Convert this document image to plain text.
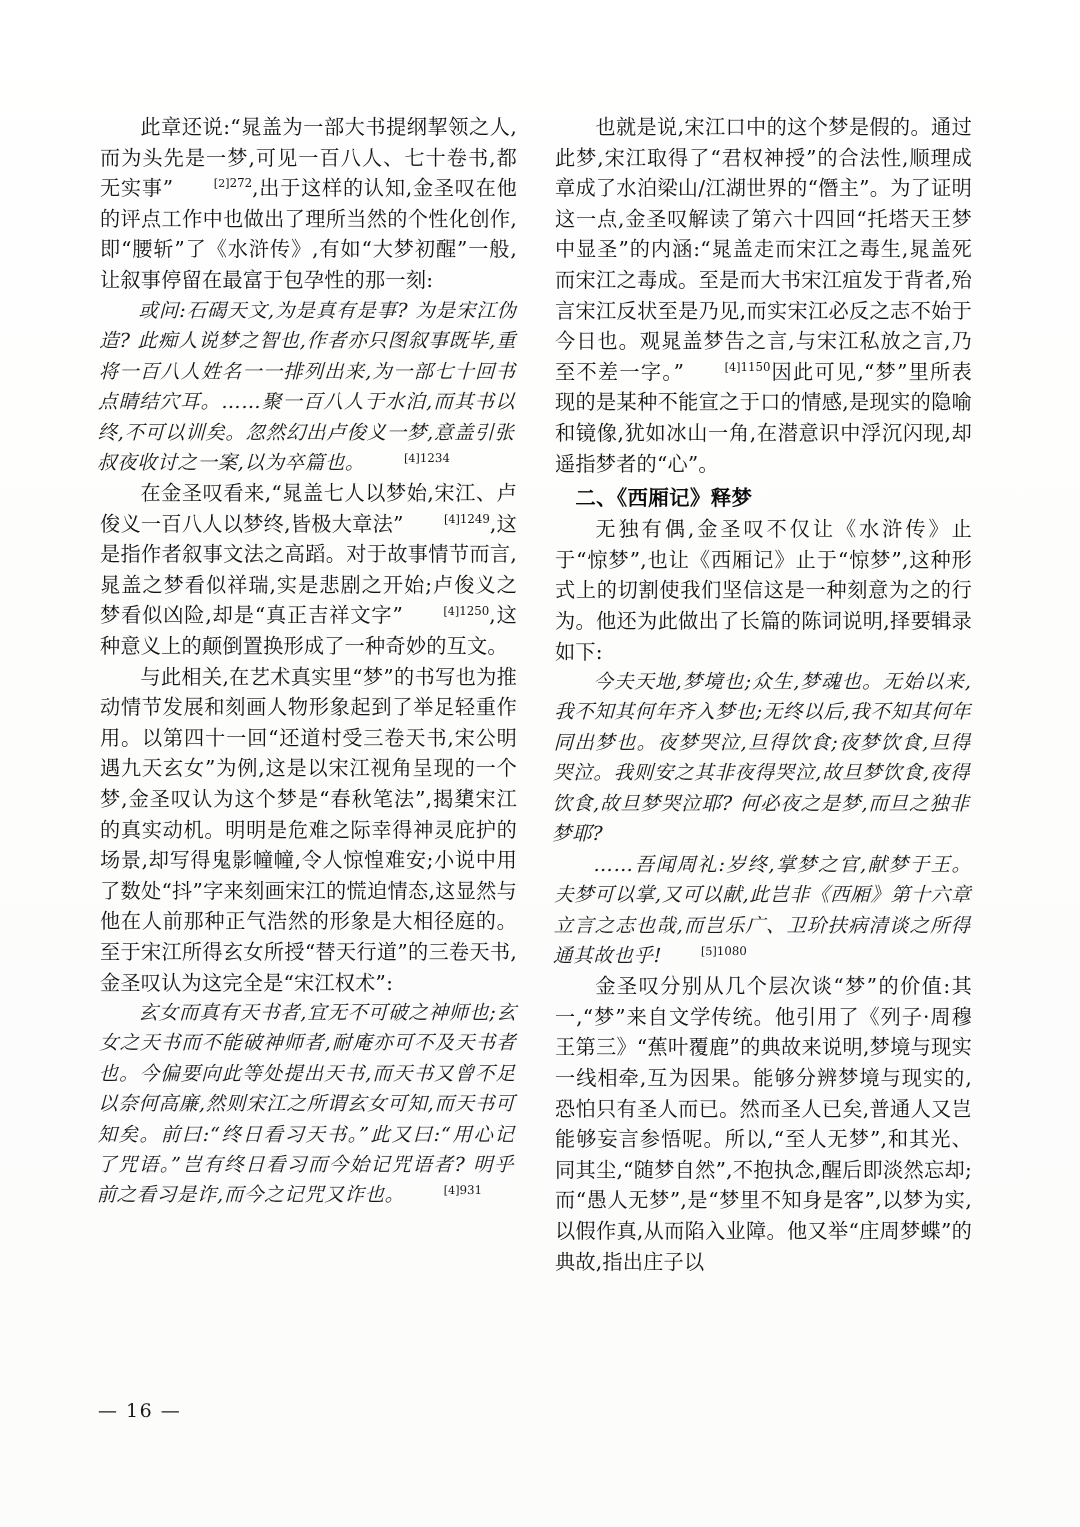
此章还说:“晁盖为一部大书提纲挈领之人,而为头先是一梦,可见一百八人、七十卷书,都无实事”	$^{[2]272}$,出于这样的认知,金圣叹在他的评点工作中也做出了理所当然的个性化创作,即“腰斩”了《水浒传》,有如“大梦初醒”一般,让叙事停留在最富于包孕性的那一刻:

或问:石碣天文,为是真有是事? 为是宋江伪造? 此痴人说梦之智也,作者亦只图叙事既毕,重将一百八人姓名一一排列出来,为一部七十回书点睛结穴耳。……聚一百八人于水泊,而其书以终,不可以训矣。忽然幻出卢俊义一梦,意盖引张叔夜收讨之一案,以为卒篇也。	$^{[4]1234}$

在金圣叹看来,“晁盖七人以梦始,宋江、卢俊义一百八人以梦终,皆极大章法”	$^{[4]1249}$,这是指作者叙事文法之高蹈。对于故事情节而言,晁盖之梦看似祥瑞,实是悲剧之开始;卢俊义之梦看似凶险,却是“真正吉祥文字”	$^{[4]1250}$,这种意义上的颠倒置换形成了一种奇妙的互文。

与此相关,在艺术真实里“梦”的书写也为推动情节发展和刻画人物形象起到了举足轻重作用。以第四十一回“还道村受三卷天书,宋公明遇九天玄女”为例,这是以宋江视角呈现的一个梦,金圣叹认为这个梦是“春秋笔法”,揭橥宋江的真实动机。明明是危难之际幸得神灵庇护的场景,却写得鬼影幢幢,令人惊惶难安;小说中用了数处“抖”字来刻画宋江的慌迫情态,这显然与他在人前那种正气浩然的形象是大相径庭的。至于宋江所得玄女所授“替天行道”的三卷天书,金圣叹认为这完全是“宋江权术”:

玄女而真有天书者,宜无不可破之神师也;玄女之天书而不能破神师者,耐庵亦可不及天书者也。今偏要向此等处提出天书,而天书又曾不足以奈何高廉,然则宋江之所谓玄女可知,而天书可知矣。前曰:“终日看习天书。”此又曰:“用心记了咒语。”岂有终日看习而今始记咒语者? 明乎前之看习是诈,而今之记咒又诈也。	$^{[4]931}$

也就是说,宋江口中的这个梦是假的。通过此梦,宋江取得了“君权神授”的合法性,顺理成章成了水泊梁山/江湖世界的“僭主”。为了证明这一点,金圣叹解读了第六十四回“托塔天王梦中显圣”的内涵:“晁盖走而宋江之毒生,晁盖死而宋江之毒成。至是而大书宋江疽发于背者,殆言宋江反状至是乃见,而实宋江必反之志不始于今日也。观晁盖梦告之言,与宋江私放之言,乃至不差一字。”	$^{[4]1150}$因此可见,“梦”里所表现的是某种不能宣之于口的情感,是现实的隐喻和镜像,犹如冰山一角,在潜意识中浮沉闪现,却遥指梦者的“心”。

二、《西厢记》释梦

无独有偶,金圣叹不仅让《水浒传》止于“惊梦”,也让《西厢记》止于“惊梦”,这种形式上的切割使我们坚信这是一种刻意为之的行为。他还为此做出了长篇的陈词说明,择要辑录如下:

今夫天地,梦境也;众生,梦魂也。无始以来,我不知其何年齐入梦也;无终以后,我不知其何年同出梦也。夜梦哭泣,旦得饮食;夜梦饮食,旦得哭泣。我则安之其非夜得哭泣,故旦梦饮食,夜得饮食,故旦梦哭泣耶? 何必夜之是梦,而旦之独非梦耶?

……吾闻周礼:岁终,掌梦之官,献梦于王。夫梦可以掌,又可以献,此岂非《西厢》第十六章立言之志也哉,而岂乐广、卫玠扶病清谈之所得通其故也乎!	$^{[5]1080}$

金圣叹分别从几个层次谈“梦”的价值:其一,“梦”来自文学传统。他引用了《列子·周穆王第三》“蕉叶覆鹿”的典故来说明,梦境与现实一线相牵,互为因果。能够分辨梦境与现实的,恐怕只有圣人而已。然而圣人已矣,普通人又岂能够妄言参悟呢。所以,“至人无梦”,和其光、同其尘,“随梦自然”,不抱执念,醒后即淡然忘却;而“愚人无梦”,是“梦里不知身是客”,以梦为实,以假作真,从而陷入业障。他又举“庄周梦蝶”的典故,指出庄子以

— 16 —
